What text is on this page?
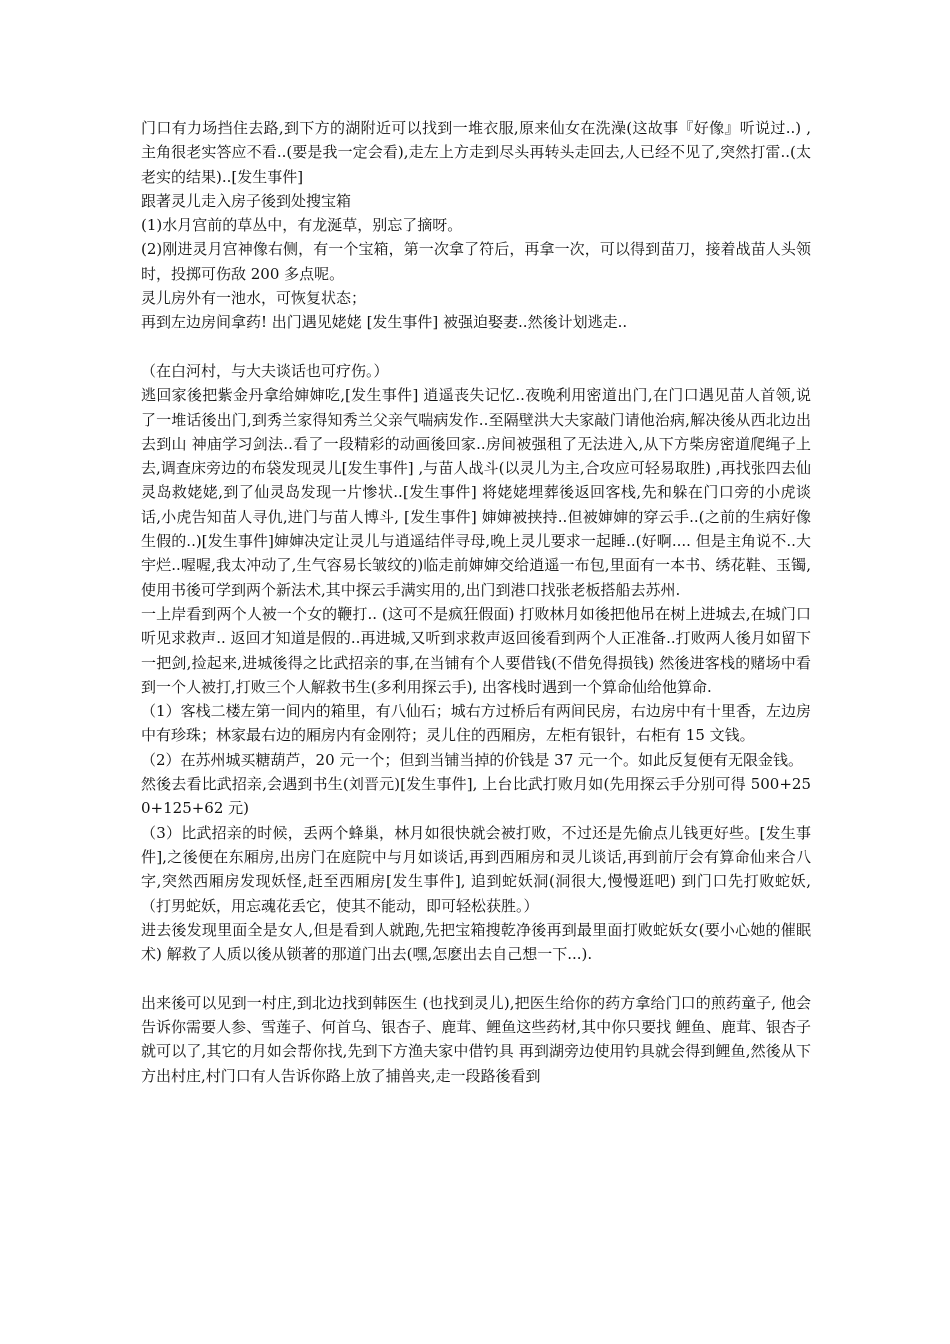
门口有力场挡住去路,到下方的湖附近可以找到一堆衣服,原来仙女在洗澡(这故事『好像』听说过..) ,主角很老实答应不看..(要是我一定会看),走左上方走到尽头再转头走回去,人已经不见了,突然打雷..(太老实的结果)..[发生事件]

跟著灵儿走入房子後到处搜宝箱

(1)水月宫前的草丛中，有龙涎草，别忘了摘呀。

(2)刚进灵月宫神像右侧，有一个宝箱，第一次拿了符后，再拿一次，可以得到苗刀，接着战苗人头领时，投掷可伤敌 200 多点呢。

灵儿房外有一池水，可恢复状态；

再到左边房间拿药! 出门遇见姥姥 [发生事件] 被强迫娶妻..然後计划逃走..

（在白河村，与大夫谈话也可疗伤。）

逃回家後把紫金丹拿给婶婶吃,[发生事件] 逍遥丧失记忆..夜晚利用密道出门,在门口遇见苗人首领,说了一堆话後出门,到秀兰家得知秀兰父亲气喘病发作..至隔壁洪大夫家敲门请他治病,解决後从西北边出去到山 神庙学习剑法..看了一段精彩的动画後回家..房间被强租了无法进入,从下方柴房密道爬绳子上去,调查床旁边的布袋发现灵儿[发生事件] ,与苗人战斗(以灵儿为主,合攻应可轻易取胜) ,再找张四去仙灵岛救姥姥,到了仙灵岛发现一片惨状..[发生事件] 将姥姥埋葬後返回客栈,先和躲在门口旁的小虎谈话,小虎告知苗人寻仇,进门与苗人博斗, [发生事件] 婶婶被挟持..但被婶婶的穿云手..(之前的生病好像生假的..)[发生事件]婶婶决定让灵儿与逍遥结伴寻母,晚上灵儿要求一起睡..(好啊.... 但是主角说不..大宇烂..喔喔,我太冲动了,生气容易长皱纹的)临走前婶婶交给逍遥一布包,里面有一本书、绣花鞋、玉镯,使用书後可学到两个新法术,其中探云手满实用的,出门到港口找张老板搭船去苏州.

一上岸看到两个人被一个女的鞭打.. (这可不是疯狂假面) 打败林月如後把他吊在树上进城去,在城门口听见求救声.. 返回才知道是假的..再进城,又听到求救声返回後看到两个人正准备..打败两人後月如留下一把剑,捡起来,进城後得之比武招亲的事,在当铺有个人要借钱(不借免得损钱) 然後进客栈的赌场中看到一个人被打,打败三个人解救书生(多利用探云手), 出客栈时遇到一个算命仙给他算命.

（1）客栈二楼左第一间内的箱里，有八仙石；城右方过桥后有两间民房，右边房中有十里香，左边房中有珍珠；林家最右边的厢房内有金刚符；灵儿住的西厢房，左柜有银针，右柜有 15 文钱。

（2）在苏州城买糖葫芦，20 元一个；但到当铺当掉的价钱是 37 元一个。如此反复便有无限金钱。

然後去看比武招亲,会遇到书生(刘晋元)[发生事件], 上台比武打败月如(先用探云手分别可得 500+250+125+62 元)

（3）比武招亲的时候，丢两个蜂巢，林月如很快就会被打败，不过还是先偷点儿钱更好些。[发生事件],之後便在东厢房,出房门在庭院中与月如谈话,再到西厢房和灵儿谈话,再到前厅会有算命仙来合八字,突然西厢房发现妖怪,赶至西厢房[发生事件], 追到蛇妖洞(洞很大,慢慢逛吧) 到门口先打败蛇妖,（打男蛇妖，用忘魂花丢它，使其不能动，即可轻松获胜。）

进去後发现里面全是女人,但是看到人就跑,先把宝箱搜乾净後再到最里面打败蛇妖女(要小心她的催眠术) 解救了人质以後从锁著的那道门出去(嘿,怎麽出去自己想一下...).

出来後可以见到一村庄,到北边找到韩医生 (也找到灵儿),把医生给你的药方拿给门口的煎药童子, 他会告诉你需要人参、雪莲子、何首乌、银杏子、鹿茸、鲤鱼这些药材,其中你只要找 鲤鱼、鹿茸、银杏子就可以了,其它的月如会帮你找,先到下方渔夫家中借钓具 再到湖旁边使用钓具就会得到鲤鱼,然後从下方出村庄,村门口有人告诉你路上放了捕兽夹,走一段路後看到
